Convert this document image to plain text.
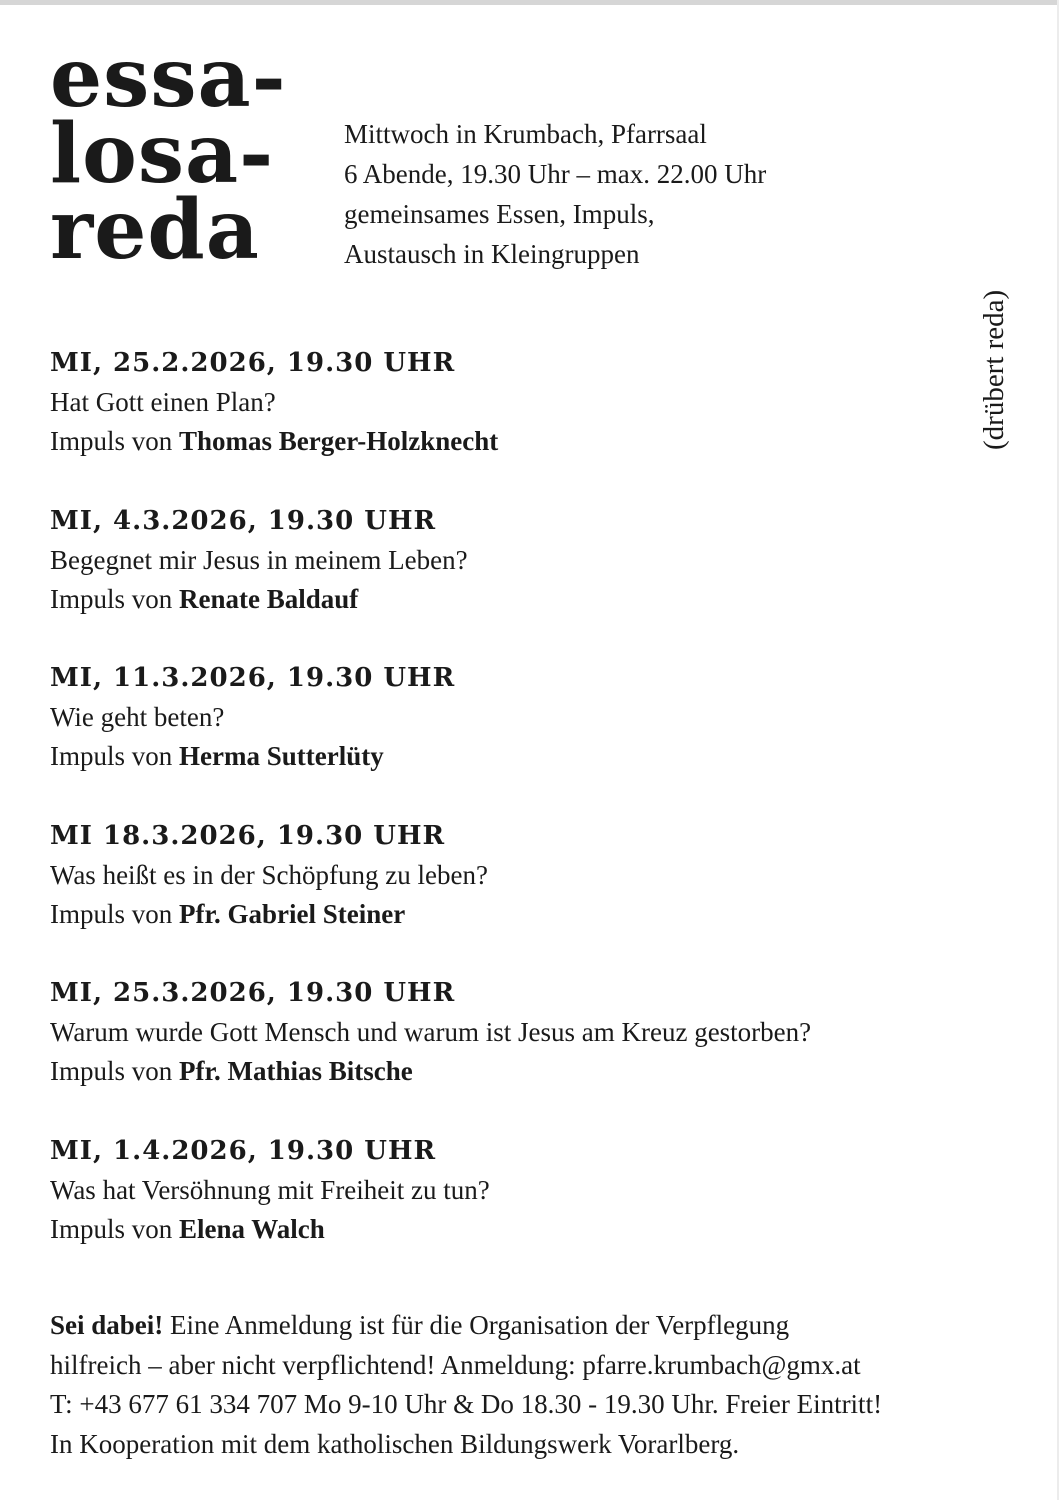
essa-
losa-
reda
Mittwoch in Krumbach, Pfarrsaal
6 Abende, 19.30 Uhr – max. 22.00 Uhr
gemeinsames Essen, Impuls,
Austausch in Kleingruppen
(drübert reda)
MI, 25.2.2026, 19.30 UHR
Hat Gott einen Plan?
Impuls von Thomas Berger-Holzknecht
MI, 4.3.2026, 19.30 UHR
Begegnet mir Jesus in meinem Leben?
Impuls von Renate Baldauf
MI, 11.3.2026, 19.30 UHR
Wie geht beten?
Impuls von Herma Sutterlüty
MI 18.3.2026, 19.30 UHR
Was heißt es in der Schöpfung zu leben?
Impuls von Pfr. Gabriel Steiner
MI, 25.3.2026, 19.30 UHR
Warum wurde Gott Mensch und warum ist Jesus am Kreuz gestorben?
Impuls von Pfr. Mathias Bitsche
MI, 1.4.2026, 19.30 UHR
Was hat Versöhnung mit Freiheit zu tun?
Impuls von Elena Walch
Sei dabei! Eine Anmeldung ist für die Organisation der Verpflegung
hilfreich – aber nicht verpflichtend! Anmeldung: pfarre.krumbach@gmx.at
T: +43 677 61 334 707 Mo 9-10 Uhr & Do 18.30 - 19.30 Uhr. Freier Eintritt!
In Kooperation mit dem katholischen Bildungswerk Vorarlberg.
